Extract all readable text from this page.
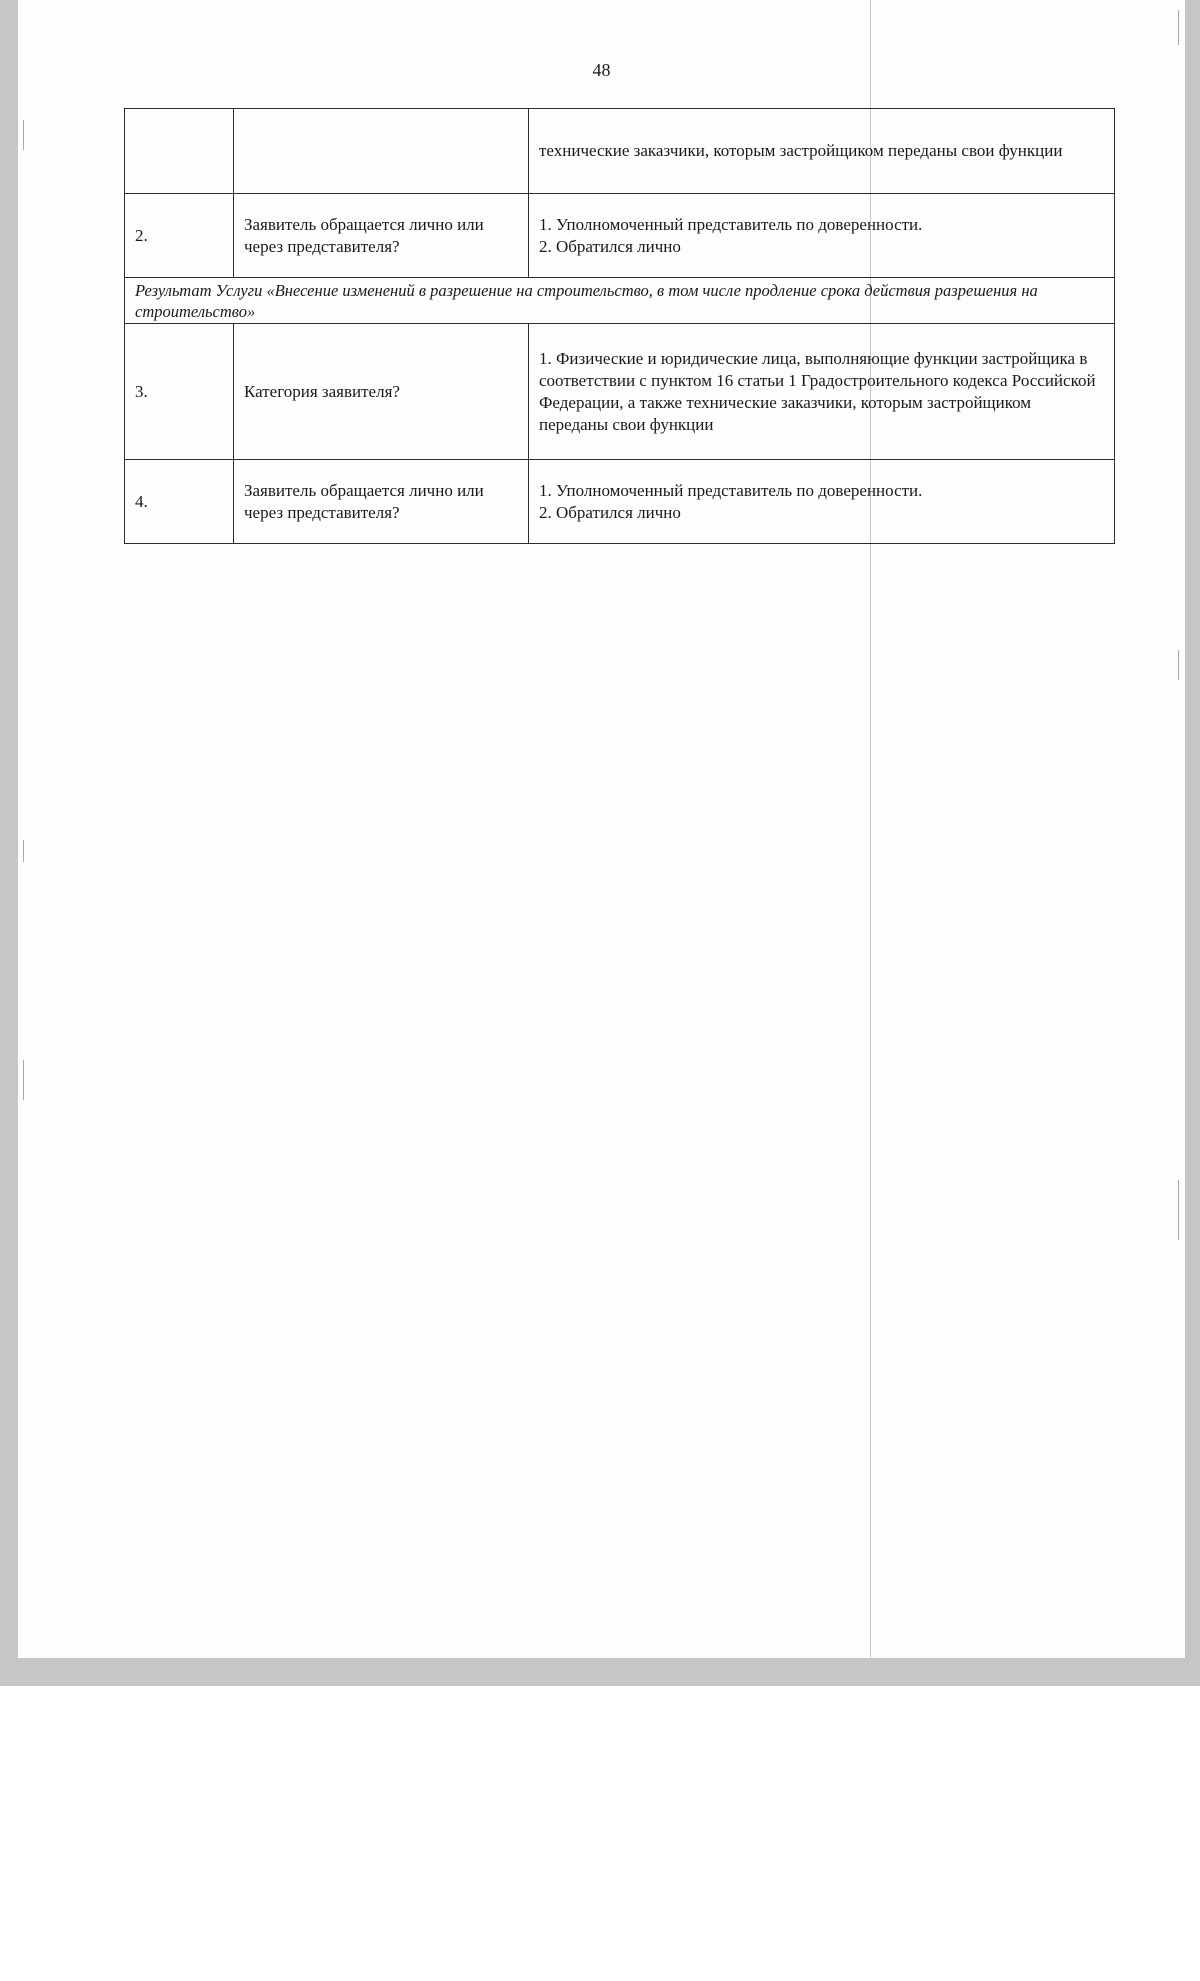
48
		технические заказчики, которым застройщиком переданы свои функции
2.	Заявитель обращается лично или через представителя?	1. Уполномоченный представитель по доверенности.
2. Обратился лично

Результат Услуги «Внесение изменений в разрешение на строительство, в том числе продление срока действия разрешения на строительство»		
3.	Категория заявителя?	1. Физические и юридические лица, выполняющие функции застройщика в соответствии с пунктом 16 статьи 1 Градостроительного кодекса Российской Федерации, а также технические заказчики, которым застройщиком переданы свои функции

4.	Заявитель обращается лично или через представителя?	1. Уполномоченный представитель по доверенности.
2. Обратился лично
